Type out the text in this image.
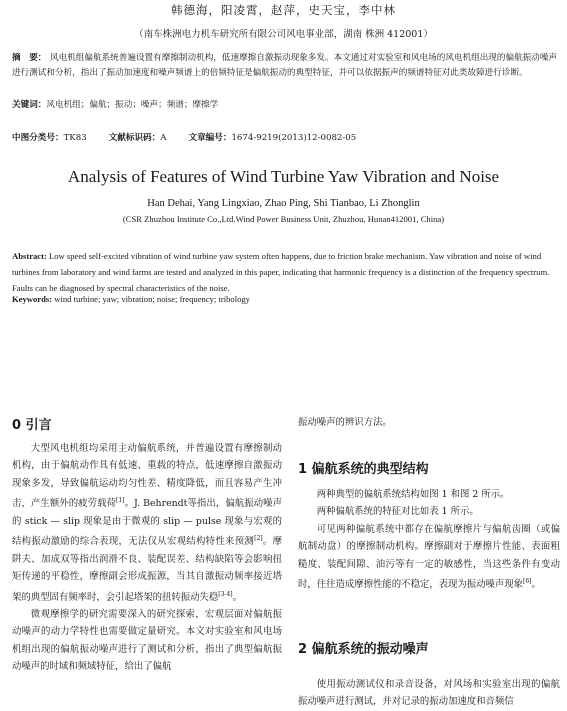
韩德海，阳凌霄，赵萍，史天宝，李中林
（南车株洲电力机车研究所有限公司风电事业部，湖南 株洲 412001）
摘　要： 风电机组偏航系统普遍设置有摩擦制动机构，低速摩擦自激振动现象多发。本文通过对实验室和风电场的风电机组出现的偏航振动噪声进行测试和分析，指出了振动加速度和噪声频谱上的倍频特征是偏航振动的典型特征，并可以依据振声的频谱特征对此类故障进行诊断。
关键词：风电机组；偏航；振动；噪声；频谱；摩擦学
中图分类号：TK83	文献标识码：A	文章编号：1674-9219(2013)12-0082-05
Analysis of Features of Wind Turbine Yaw Vibration and Noise
Han Dehai, Yang Lingxiao, Zhao Ping, Shi Tianbao, Li Zhonglin
(CSR Zhuzhou Institute Co.,Ltd.Wind Power Business Unit, Zhuzhou, Hunan412001, China)
Abstract: Low speed self-excited vibration of wind turbine yaw system often happens, due to friction brake mechanism. Yaw vibration and noise of wind turbines from laboratory and wind farms are tested and analyzed in this paper, indicating that harmonic frequency is a distinction of the frequency spectrum. Faults can be diagnosed by spectral characteristics of the noise.
Keywords: wind turbine; yaw; vibration; noise; frequency; tribology
0 引言

大型风电机组均采用主动偏航系统，并普遍设置有摩擦制动机构，由于偏航动作具有低速、重载的特点，低速摩擦自激振动现象多发，导致偏航运动均匀性差、精度降低，而且容易产生冲击，产生额外的疲劳载荷[1]。J. Behrendt等指出，偏航振动噪声的 stick — slip 现象是由于微观的 slip — pulse 现象与宏观的结构振动激励的综合表现，无法仅从宏观结构特性来预测[2]。摩阱夫、加成双等指出润滑不良、装配误差、结构缺陷等会影响扭矩传递的平稳性，摩擦副会形成振源，当其自激振动频率接近塔架的典型固有频率时，会引起塔架的扭转振动失稳[3-4]。

微观摩擦学的研究需要深入的研究探索，宏观层面对偏航振动噪声的动力学特性也需要做定量研究。本文对实验室和风电场机组出现的偏航振动噪声进行了测试和分析，指出了典型偏航振动噪声的时域和频域特征，给出了偏航

振动噪声的辨识方法。

1 偏航系统的典型结构

两种典型的偏航系统结构如图 1 和图 2 所示。

两种偏航系统的特征对比如表 1 所示。

可见两种偏航系统中都存在偏航摩擦片与偏航齿圈（或偏航制动盘）的摩擦制动机构。摩擦副对于摩擦片性能、表面粗糙度、装配间隙、油污等有一定的敏感性，当这些条件有变动时，往往造成摩擦性能的不稳定，表现为振动噪声现象[6]。

2 偏航系统的振动噪声

使用振动测试仪和录音设备，对风场和实验室出现的偏航振动噪声进行测试，并对记录的振动加速度和音频信
